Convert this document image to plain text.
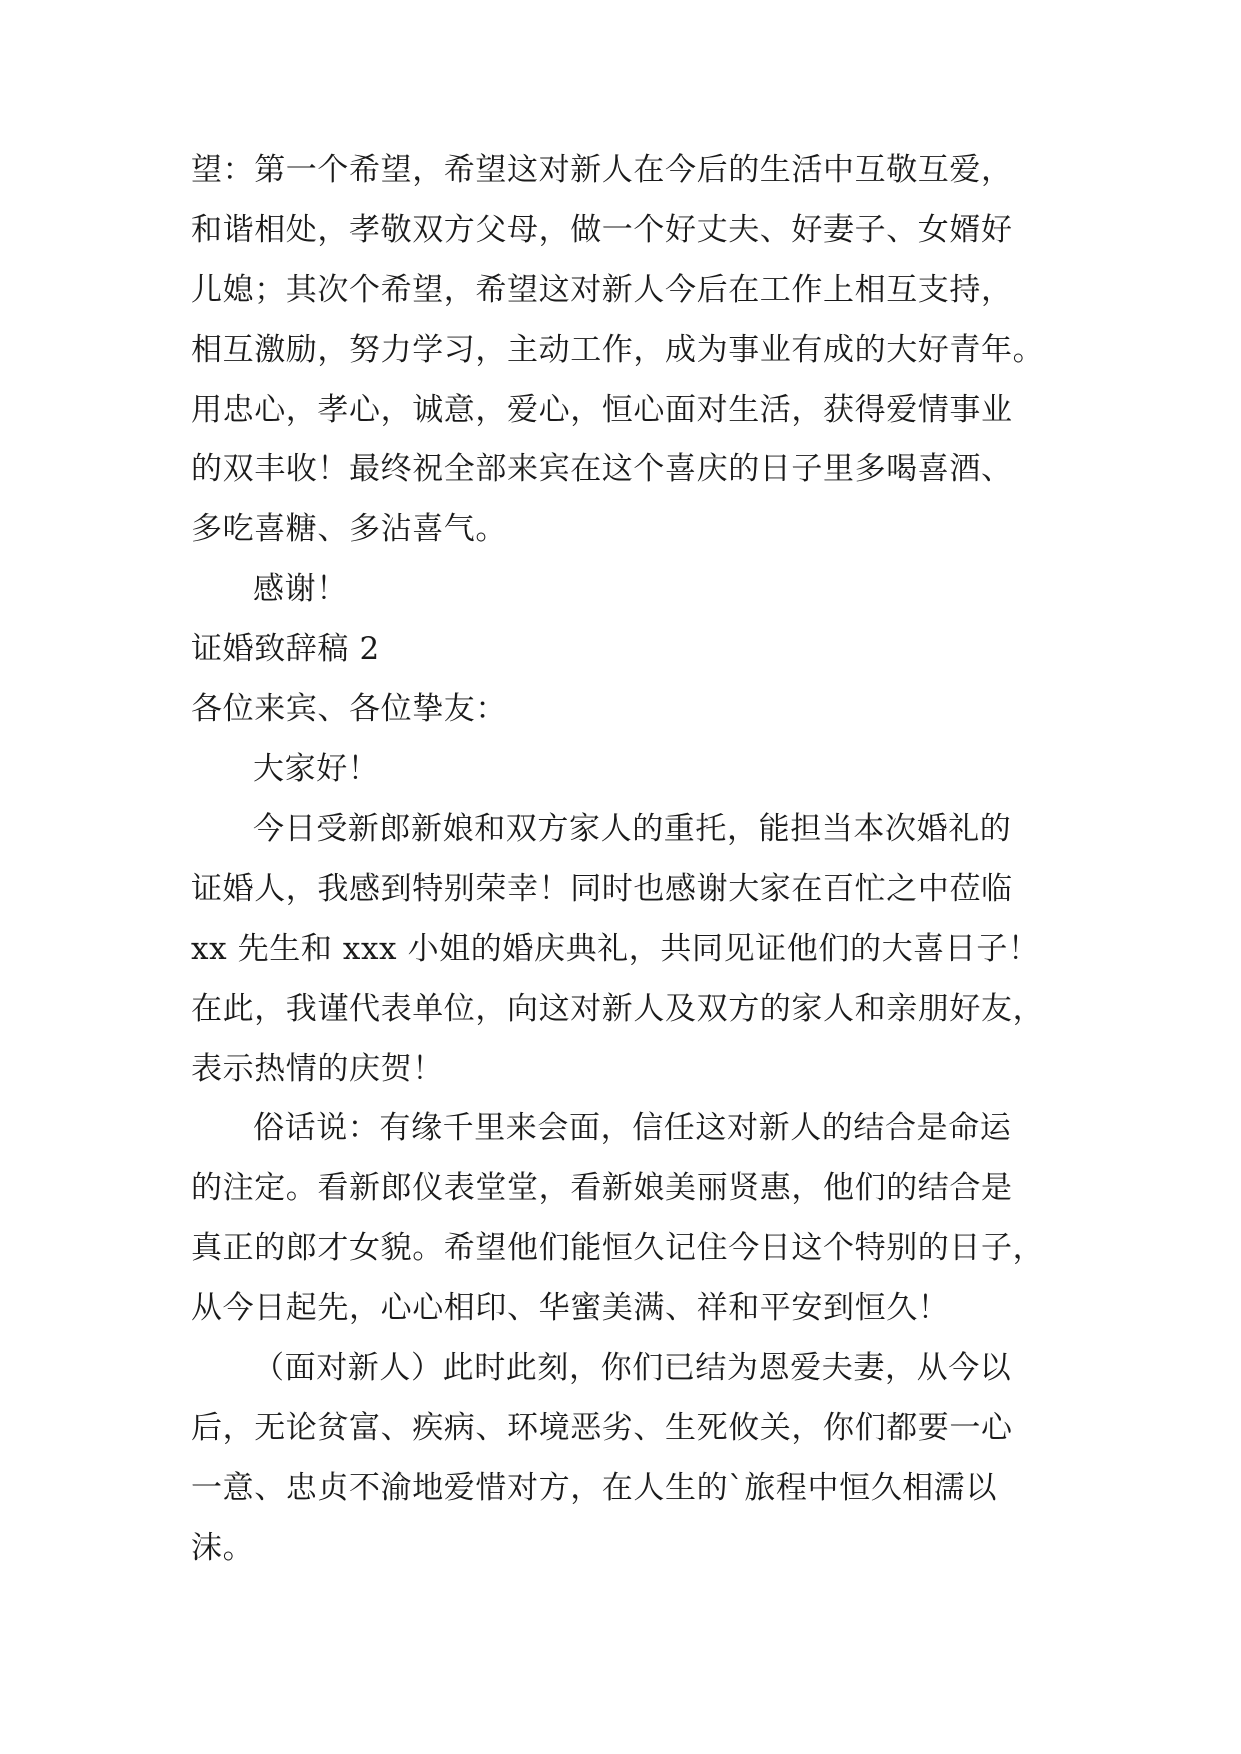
望：第一个希望，希望这对新人在今后的生活中互敬互爱，
和谐相处，孝敬双方父母，做一个好丈夫、好妻子、女婿好
儿媳；其次个希望，希望这对新人今后在工作上相互支持，
相互激励，努力学习，主动工作，成为事业有成的大好青年。
用忠心，孝心，诚意，爱心，恒心面对生活，获得爱情事业
的双丰收！最终祝全部来宾在这个喜庆的日子里多喝喜酒、
多吃喜糖、多沾喜气。
感谢！
证婚致辞稿 2
各位来宾、各位挚友：
大家好！
今日受新郎新娘和双方家人的重托，能担当本次婚礼的
证婚人，我感到特别荣幸！同时也感谢大家在百忙之中莅临
xx 先生和 xxx 小姐的婚庆典礼，共同见证他们的大喜日子！
在此，我谨代表单位，向这对新人及双方的家人和亲朋好友，
表示热情的庆贺！
俗话说：有缘千里来会面，信任这对新人的结合是命运
的注定。看新郎仪表堂堂，看新娘美丽贤惠，他们的结合是
真正的郎才女貌。希望他们能恒久记住今日这个特别的日子，
从今日起先，心心相印、华蜜美满、祥和平安到恒久！
（面对新人）此时此刻，你们已结为恩爱夫妻，从今以
后，无论贫富、疾病、环境恶劣、生死攸关，你们都要一心
一意、忠贞不渝地爱惜对方，在人生的`旅程中恒久相濡以
沫。
